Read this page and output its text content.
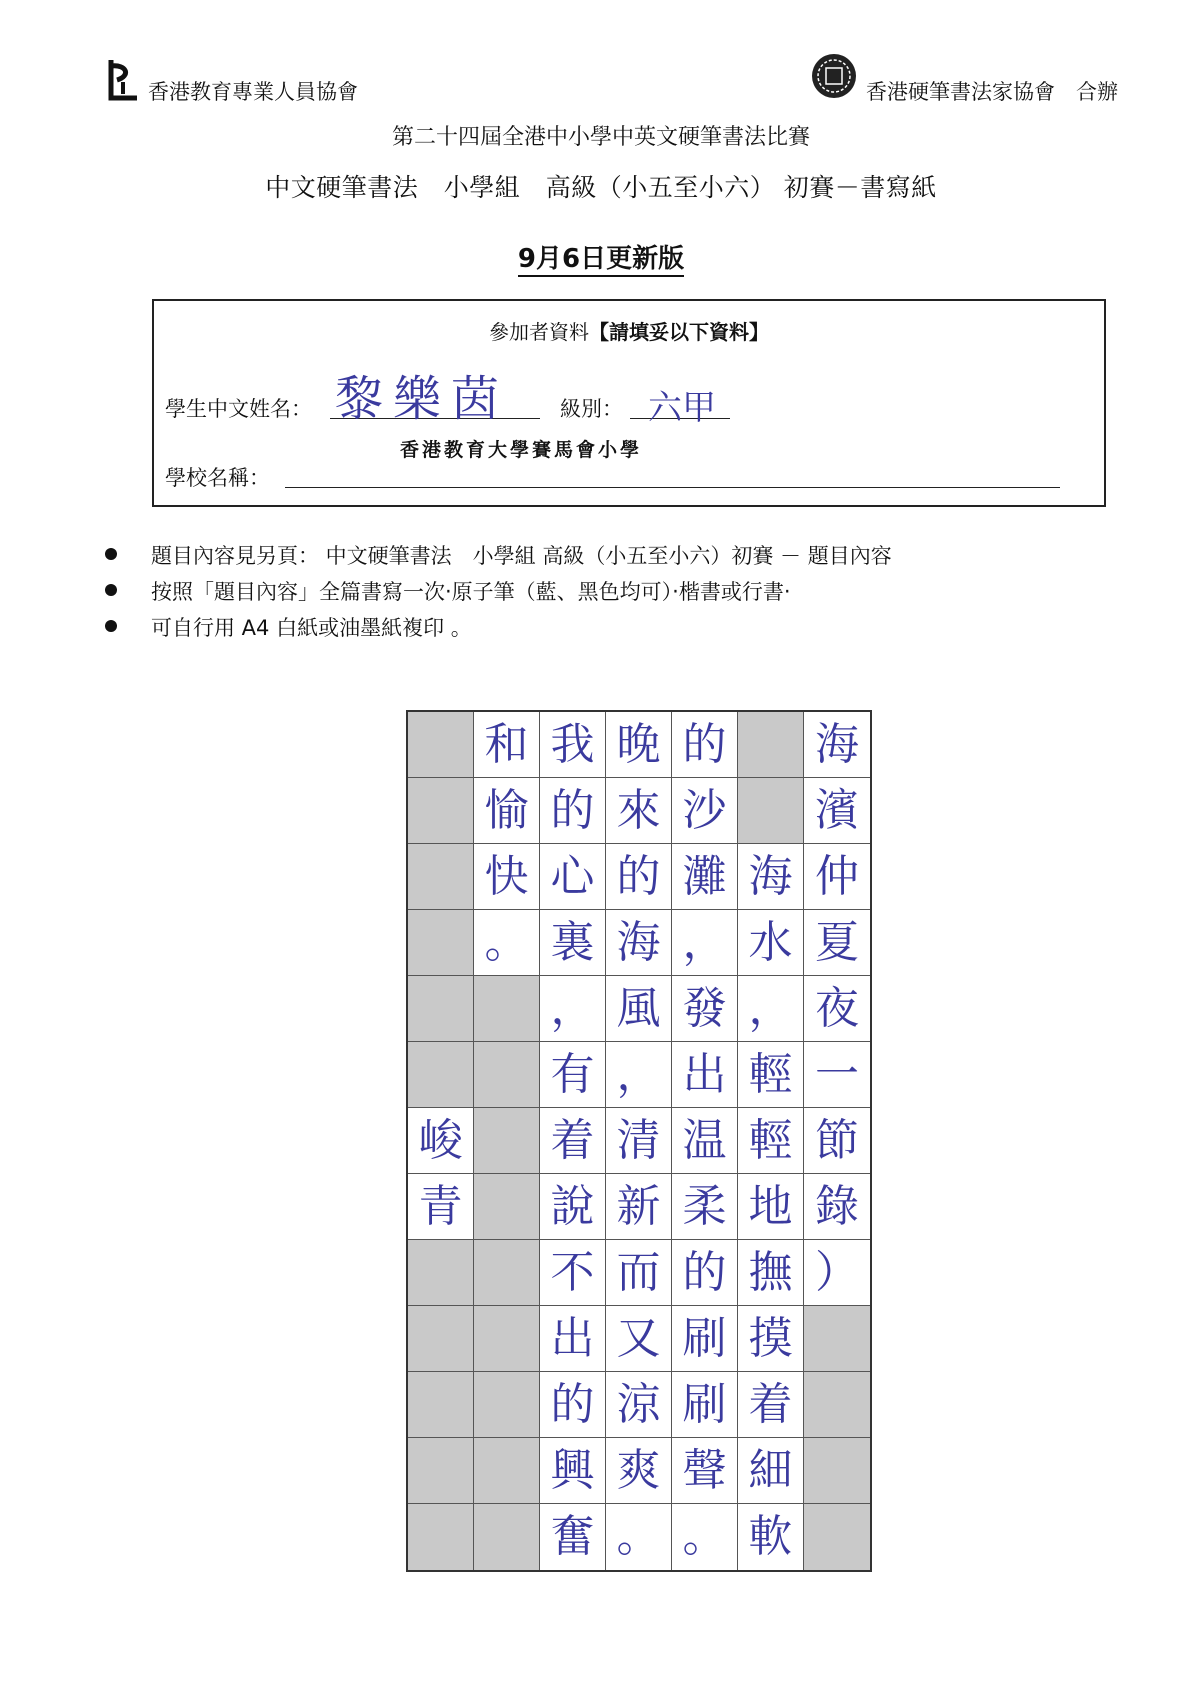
香港教育專業人員協會	香港硬筆書法家協會　合辦
第二十四屆全港中小學中英文硬筆書法比賽
中文硬筆書法　小學組　高級（小五至小六） 初賽－書寫紙
9月6日更新版
參加者資料【請填妥以下資料】
學生中文姓名： 黎樂茵 級別： 六甲
香港教育大學賽馬會小學
學校名稱：
題目內容見另頁： 中文硬筆書法　小學組 高級（小五至小六）初賽 － 題目內容
按照「題目內容」全篇書寫一次‧原子筆（藍、黑色均可）‧楷書或行書‧
可自行用 A4 白紙或油墨紙複印 。
和 我 晚 的 海
愉 的 來 沙 濱
快 心 的 灘 海 仲
。 裏 海 ， 水 夏
， 風 發 ， 夜
有 ， 出 輕 一
峻 着 清 温 輕 節
青 說 新 柔 地 錄
不 而 的 撫 ）
出 又 刷 摸
的 涼 刷 着
興 爽 聲 細
奮 。 。 軟
